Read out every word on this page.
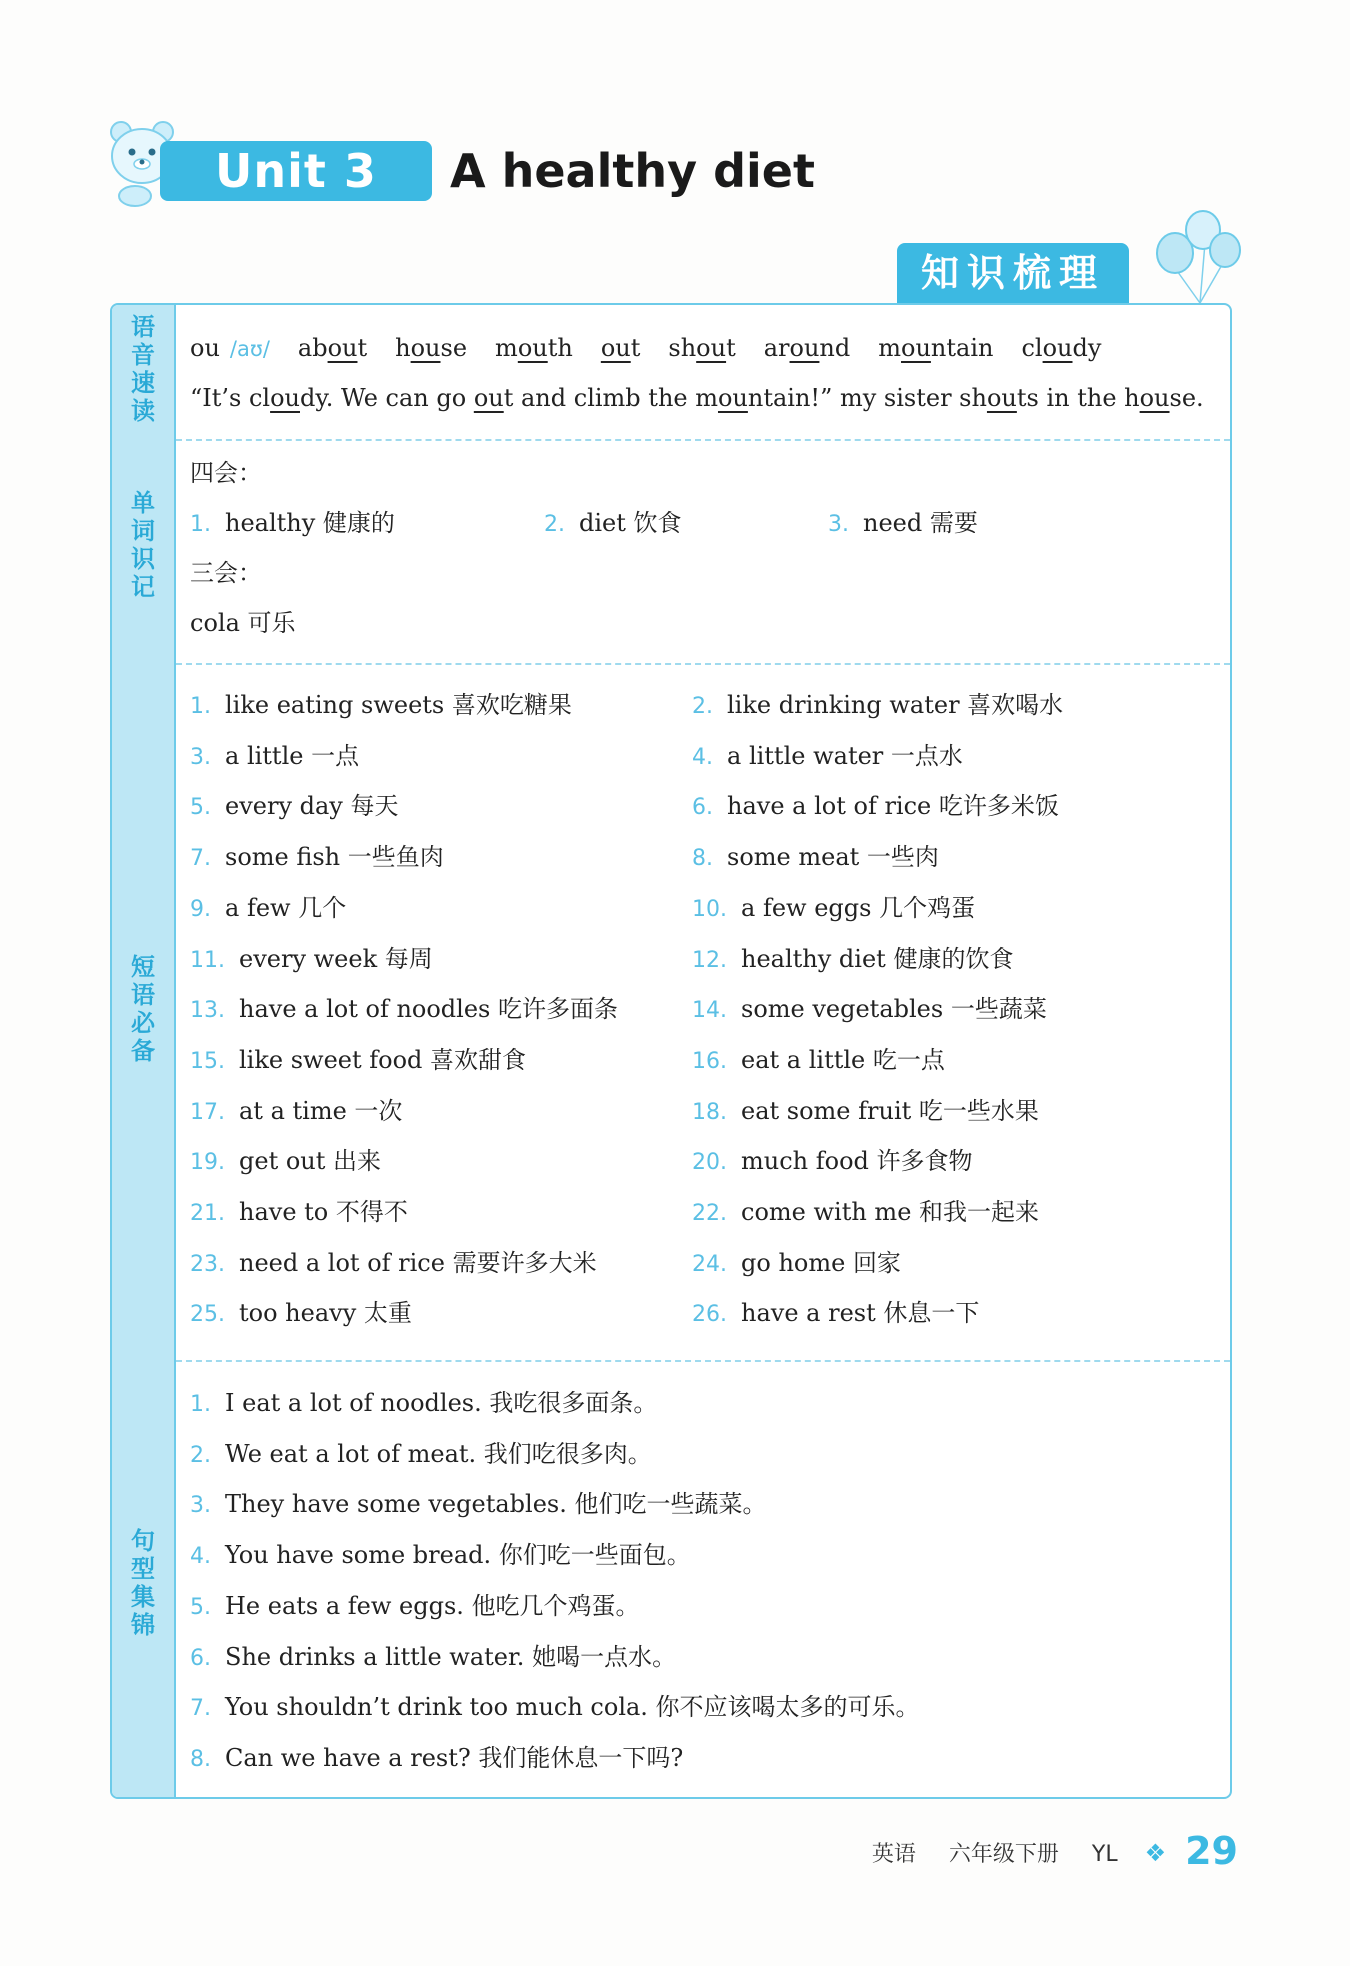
Unit 3	A healthy diet
知识梳理
语音速读
单词识记
短语必备
句型集锦
ou /aʊ/ about house mouth out shout around mountain cloudy
“It’s cloudy. We can go out and climb the mountain!” my sister shouts in the house.
四会：
1. healthy 健康的	2. diet 饮食	3. need 需要
三会：
cola 可乐
1. like eating sweets 喜欢吃糖果	2. like drinking water 喜欢喝水
3. a little 一点	4. a little water 一点水
5. every day 每天	6. have a lot of rice 吃许多米饭
7. some fish 一些鱼肉	8. some meat 一些肉
9. a few 几个	10. a few eggs 几个鸡蛋
11. every week 每周	12. healthy diet 健康的饮食
13. have a lot of noodles 吃许多面条	14. some vegetables 一些蔬菜
15. like sweet food 喜欢甜食	16. eat a little 吃一点
17. at a time 一次	18. eat some fruit 吃一些水果
19. get out 出来	20. much food 许多食物
21. have to 不得不	22. come with me 和我一起来
23. need a lot of rice 需要许多大米	24. go home 回家
25. too heavy 太重	26. have a rest 休息一下
1. I eat a lot of noodles. 我吃很多面条。
2. We eat a lot of meat. 我们吃很多肉。
3. They have some vegetables. 他们吃一些蔬菜。
4. You have some bread. 你们吃一些面包。
5. He eats a few eggs. 他吃几个鸡蛋。
6. She drinks a little water. 她喝一点水。
7. You shouldn’t drink too much cola. 你不应该喝太多的可乐。
8. Can we have a rest? 我们能休息一下吗?
英语 六年级下册 YL ❖ 29
